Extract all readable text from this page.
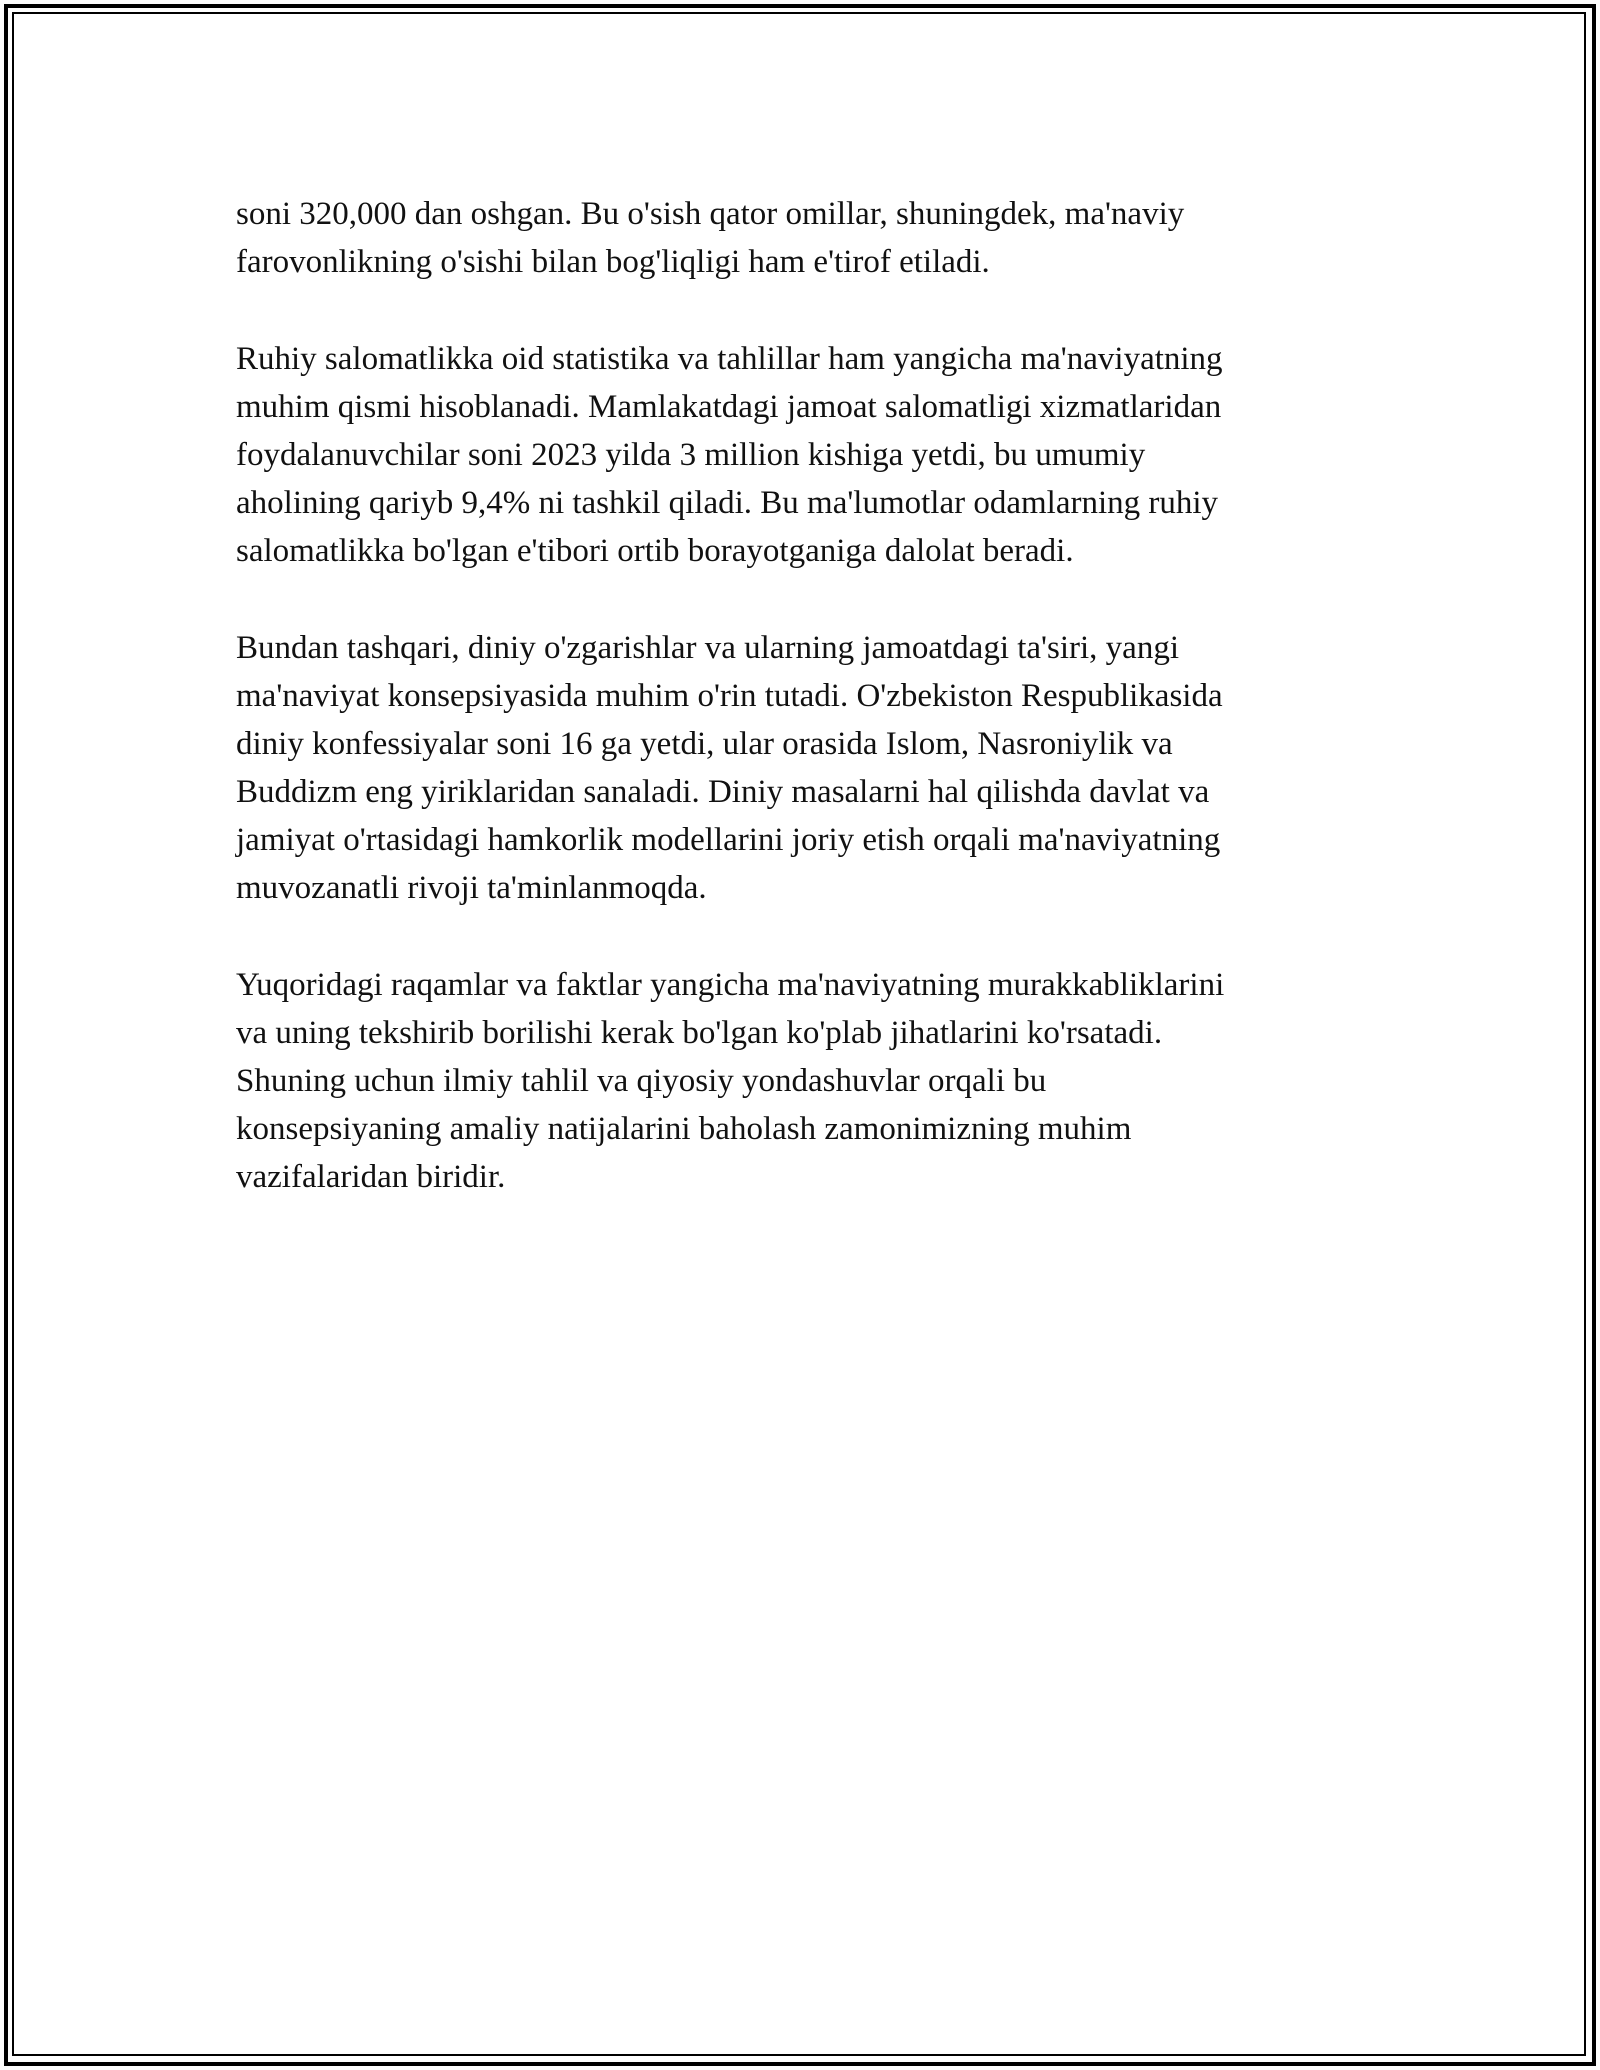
soni 320,000 dan oshgan. Bu o'sish qator omillar, shuningdek, ma'naviy
farovonlikning o'sishi bilan bog'liqligi ham e'tirof etiladi.

Ruhiy salomatlikka oid statistika va tahlillar ham yangicha ma'naviyatning
muhim qismi hisoblanadi. Mamlakatdagi jamoat salomatligi xizmatlaridan
foydalanuvchilar soni 2023 yilda 3 million kishiga yetdi, bu umumiy
aholining qariyb 9,4% ni tashkil qiladi. Bu ma'lumotlar odamlarning ruhiy
salomatlikka bo'lgan e'tibori ortib borayotganiga dalolat beradi.

Bundan tashqari, diniy o'zgarishlar va ularning jamoatdagi ta'siri, yangi
ma'naviyat konsepsiyasida muhim o'rin tutadi. O'zbekiston Respublikasida
diniy konfessiyalar soni 16 ga yetdi, ular orasida Islom, Nasroniylik va
Buddizm eng yiriklaridan sanaladi. Diniy masalarni hal qilishda davlat va
jamiyat o'rtasidagi hamkorlik modellarini joriy etish orqali ma'naviyatning
muvozanatli rivoji ta'minlanmoqda.

Yuqoridagi raqamlar va faktlar yangicha ma'naviyatning murakkabliklarini
va uning tekshirib borilishi kerak bo'lgan ko'plab jihatlarini ko'rsatadi.
Shuning uchun ilmiy tahlil va qiyosiy yondashuvlar orqali bu
konsepsiyaning amaliy natijalarini baholash zamonimizning muhim
vazifalaridan biridir.
